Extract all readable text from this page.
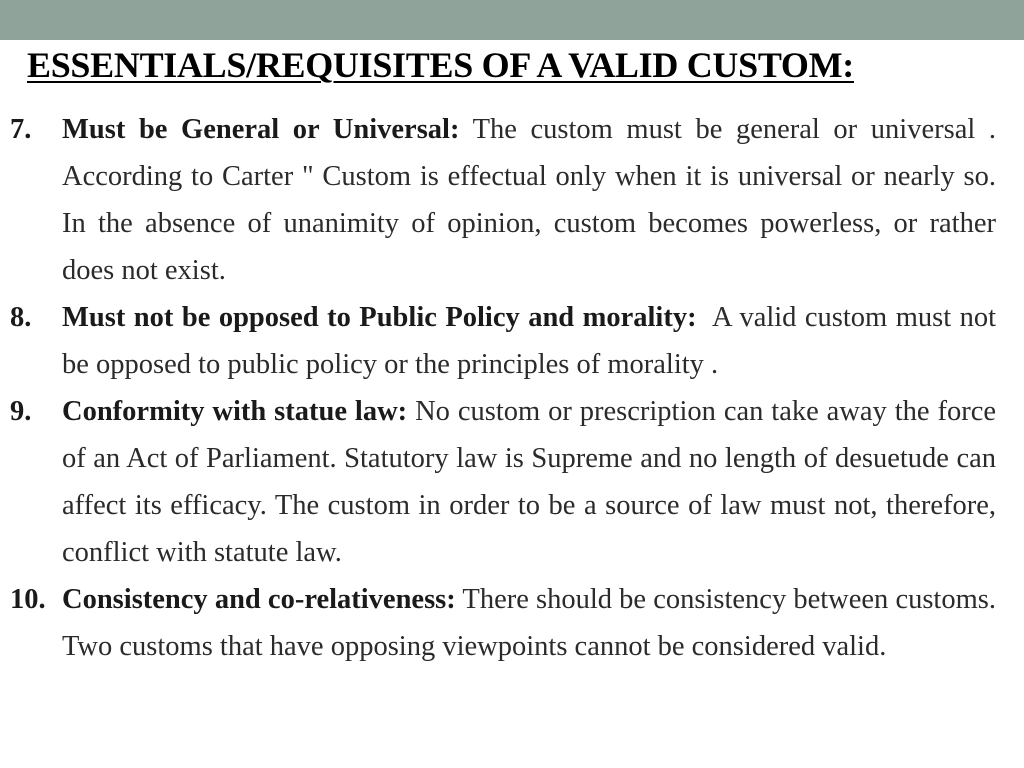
ESSENTIALS/REQUISITES OF A VALID CUSTOM:
7.	Must be General or Universal: The custom must be general or universal . According to Carter " Custom is effectual only when it is universal or nearly so. In the absence of unanimity of opinion, custom becomes powerless, or rather does not exist.
8.	Must not be opposed to Public Policy and morality: A valid custom must not be opposed to public policy or the principles of morality .
9.	Conformity with statue law: No custom or prescription can take away the force of an Act of Parliament. Statutory law is Supreme and no length of desuetude can affect its efficacy. The custom in order to be a source of law must not, therefore, conflict with statute law.
10. Consistency and co-relativeness: There should be consistency between customs. Two customs that have opposing viewpoints cannot be considered valid.
